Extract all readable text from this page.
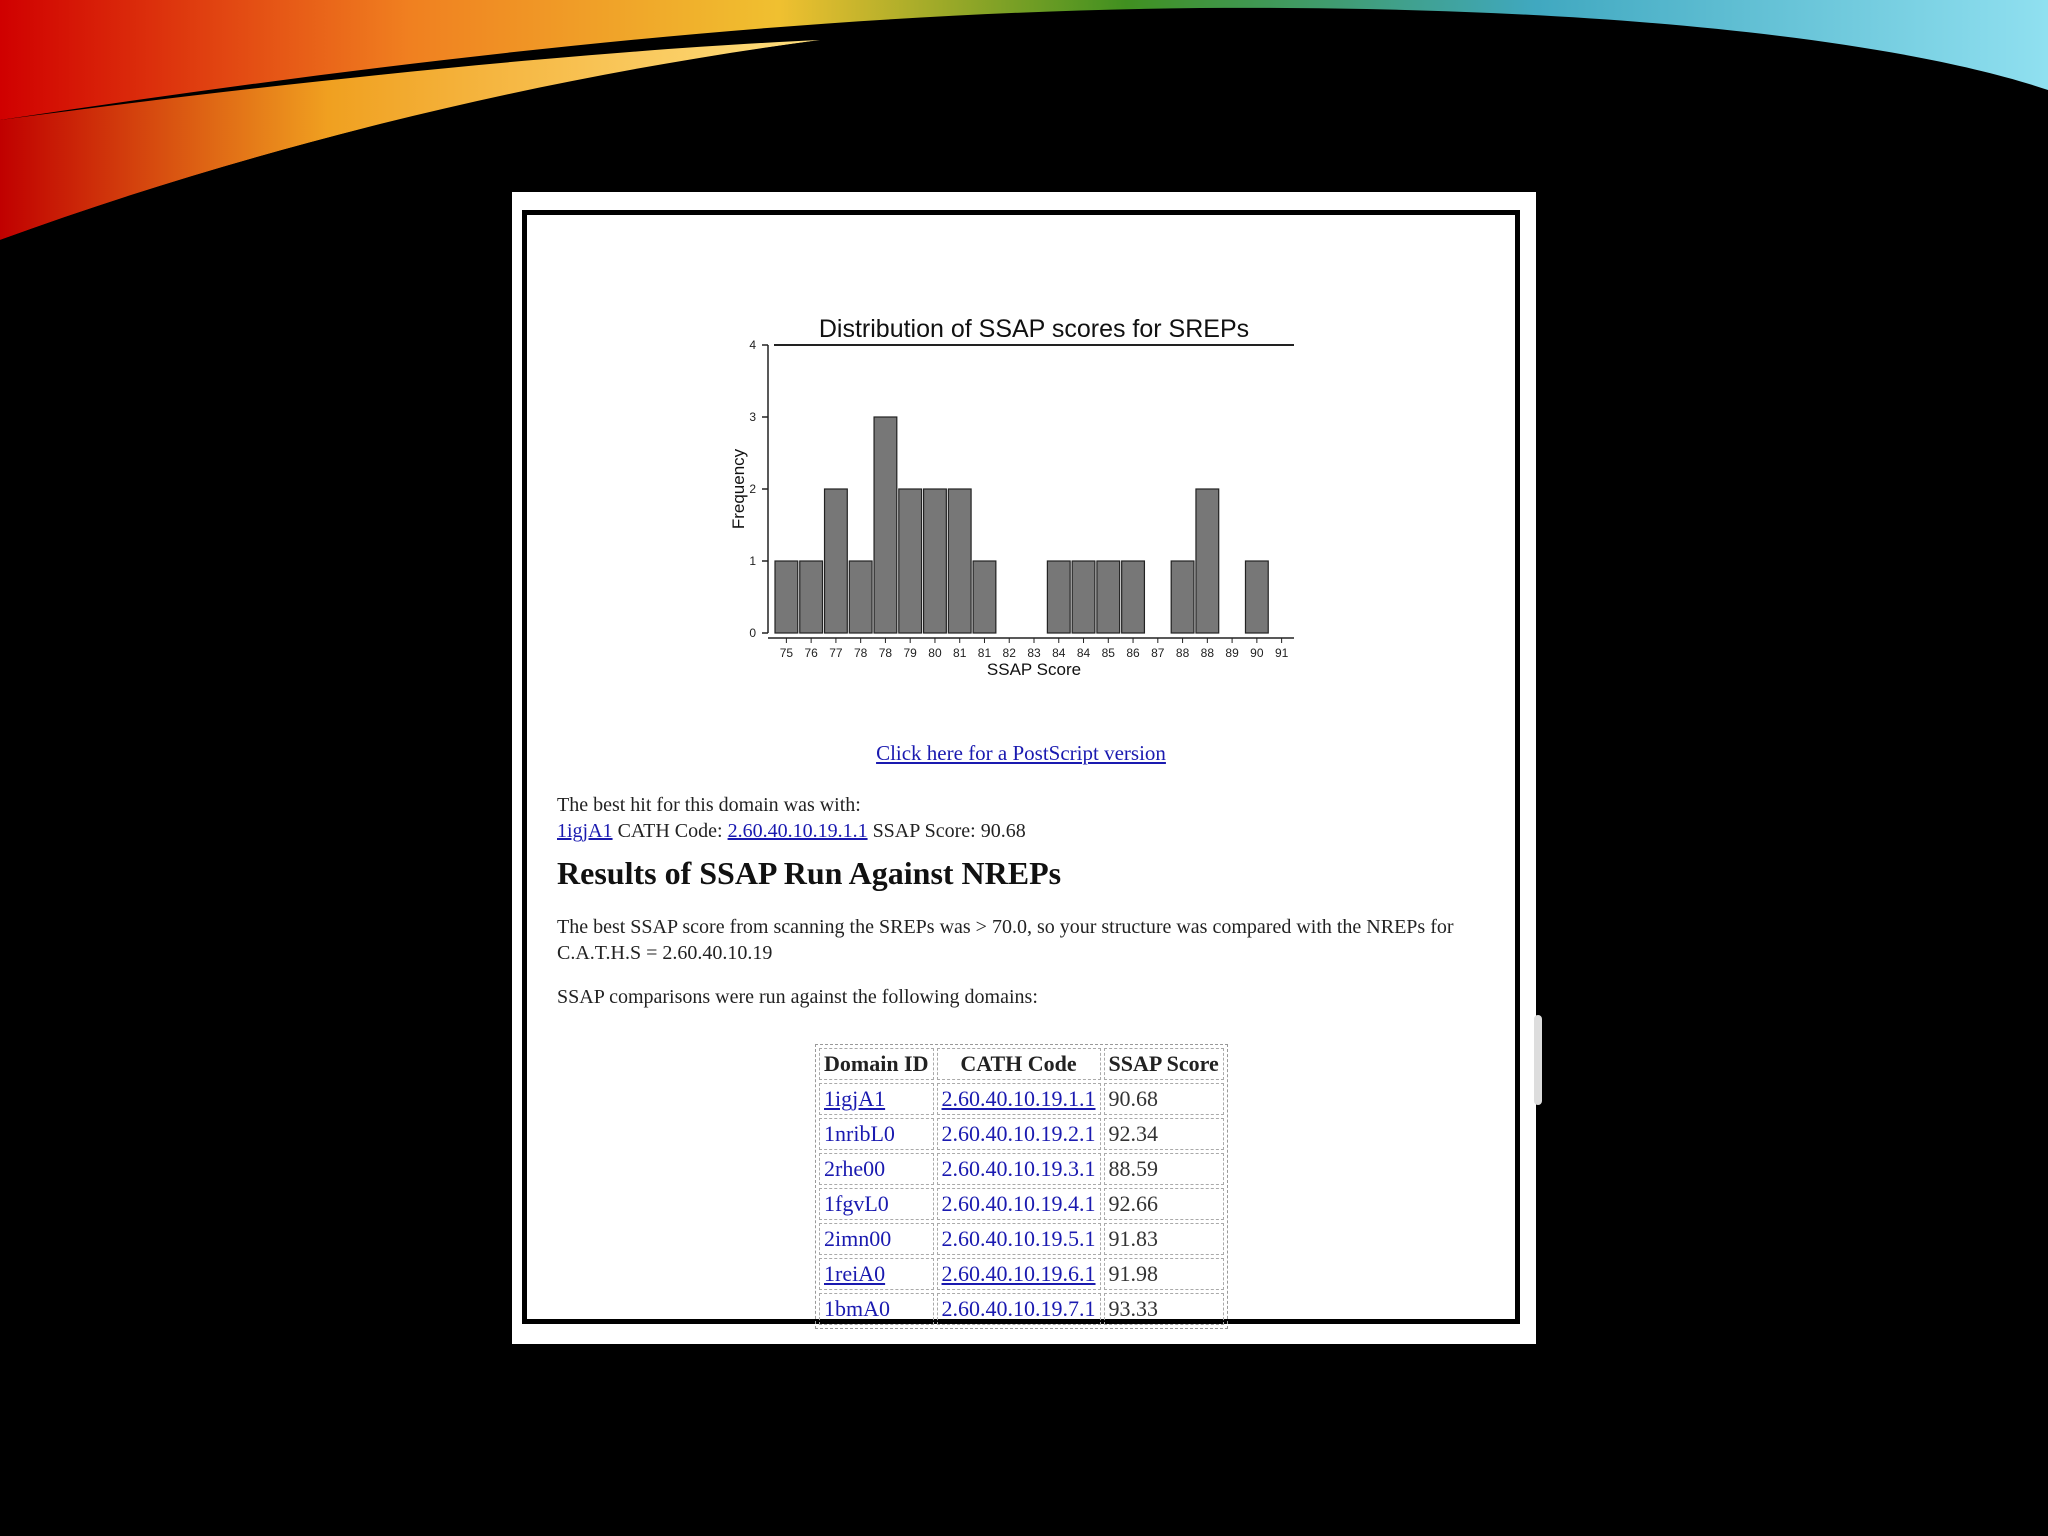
Distribution of SSAP scores for SREPs
0
1
2
3
4
Frequency
75 76 77 78 78 79 80 81 81 82 83 84 84 85 86 87 88 88 89 90 91
SSAP Score
Click here for a PostScript version
The best hit for this domain was with:
1igjA1 CATH Code: 2.60.40.10.19.1.1 SSAP Score: 90.68
Results of SSAP Run Against NREPs
The best SSAP score from scanning the SREPs was > 70.0, so your structure was compared with the NREPs for C.A.T.H.S = 2.60.40.10.19
SSAP comparisons were run against the following domains:
Domain ID	CATH Code	SSAP Score
1igjA1	2.60.40.10.19.1.1	90.68
1nribL0	2.60.40.10.19.2.1	92.34
2rhe00	2.60.40.10.19.3.1	88.59
1fgvL0	2.60.40.10.19.4.1	92.66
2imn00	2.60.40.10.19.5.1	91.83
1reiA0	2.60.40.10.19.6.1	91.98
1bmA0	2.60.40.10.19.7.1	93.33
